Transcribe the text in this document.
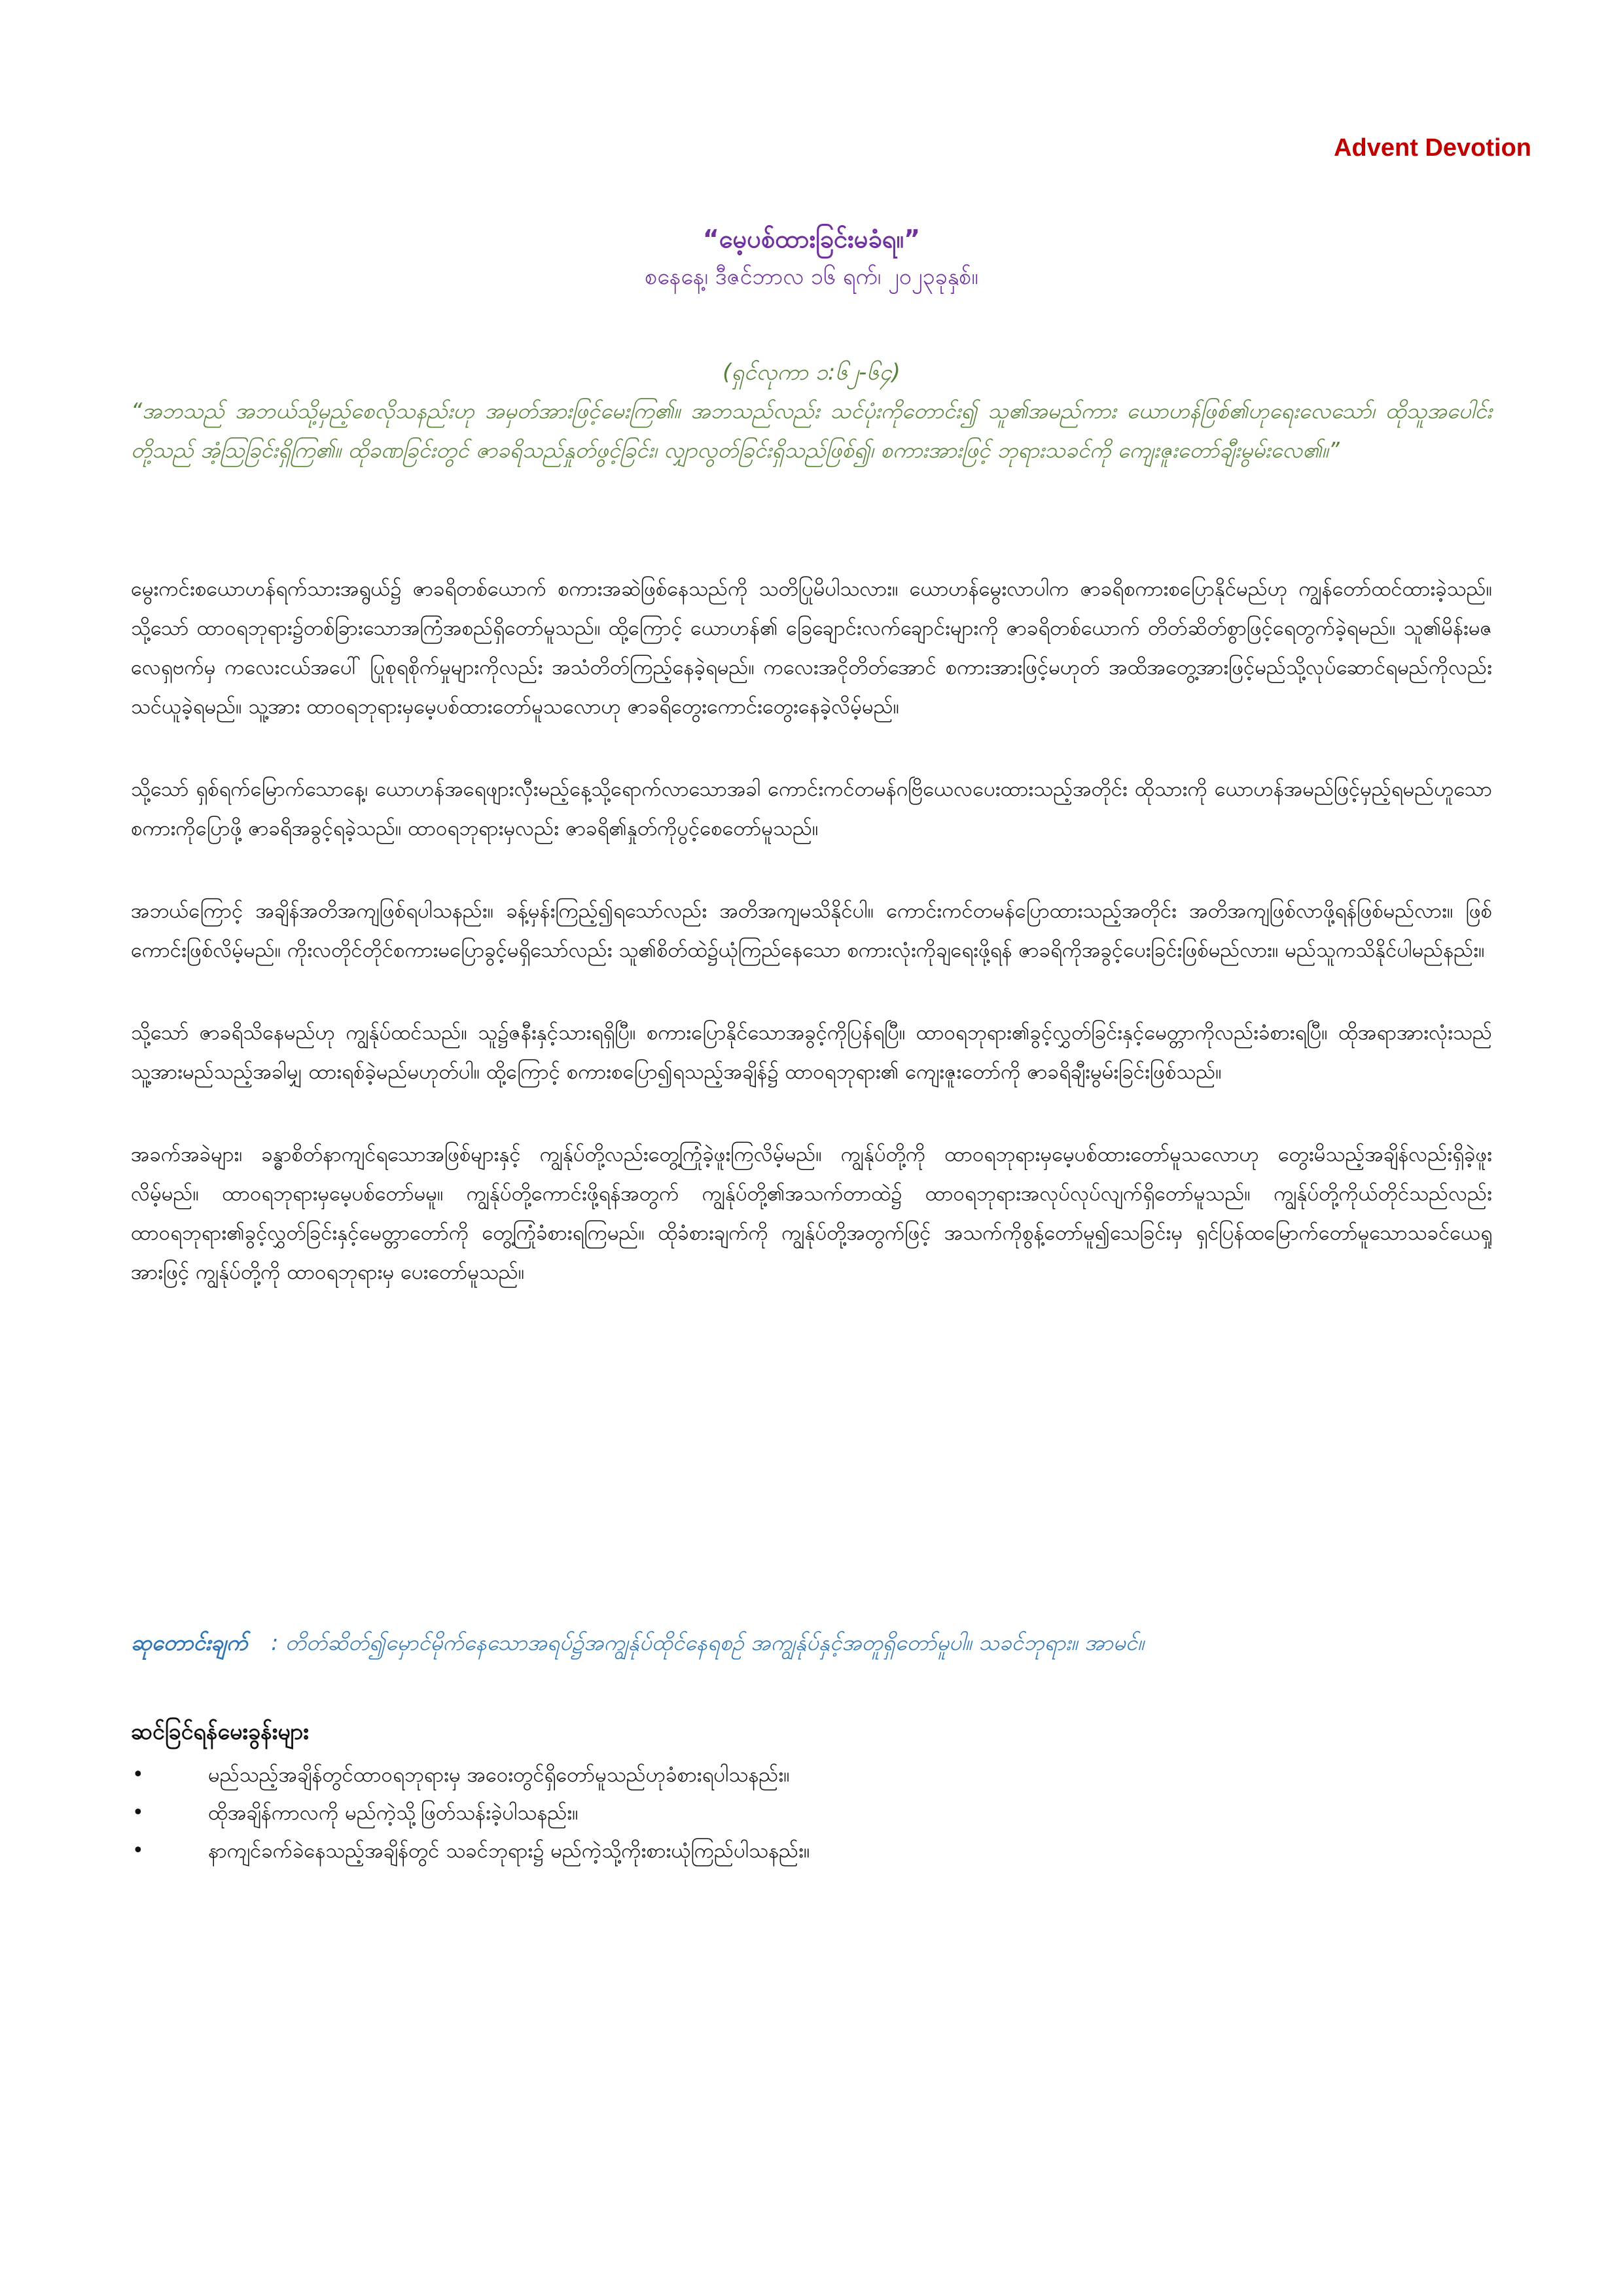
Advent Devotion
“မေ့ပစ်ထားခြင်းမခံရ။”
စနေနေ့၊ ဒီဇင်ဘာလ ၁၆ ရက်၊ ၂၀၂၃ခုနှစ်။
(ရှင်လုကာ ၁:၆၂-၆၄)
“အဘသည် အဘယ်သို့မှည့်စေလိုသနည်းဟု အမှတ်အားဖြင့်မေးကြ၏။ အဘသည်လည်း သင်ပုံးကိုတောင်း၍ သူ၏အမည်ကား ယောဟန်ဖြစ်၏ဟုရေးလေသော်၊ ထိုသူအပေါင်းတို့သည် အံ့ဩခြင်းရှိကြ၏။ ထိုခဏခြင်းတွင် ဇာခရိသည်နှုတ်ဖွင့်ခြင်း၊ လျှာလွတ်ခြင်းရှိသည်ဖြစ်၍၊ စကားအားဖြင့် ဘုရားသခင်ကို ကျေးဇူးတော်ချီးမွမ်းလေ၏။”

မွေးကင်းစယောဟန်ရက်သားအရွယ်၌ ဇာခရိတစ်ယောက် စကားအဆဲဖြစ်နေသည်ကို သတိပြုမိပါသလား။ ယောဟန်မွေးလာပါက ဇာခရိစကားစပြောနိုင်မည်ဟု ကျွန်တော်ထင်ထားခဲ့သည်။ သို့သော် ထာဝရဘုရား၌တစ်ခြားသောအကြံအစည်ရှိတော်မူသည်။ ထို့ကြောင့် ယောဟန်၏ ခြေချောင်းလက်ချောင်းများကို ဇာခရိတစ်ယောက် တိတ်ဆိတ်စွာဖြင့်ရေတွက်ခဲ့ရမည်။ သူ၏မိန်းမဇလေရှဗက်မှ ကလေးငယ်အပေါ် ပြုစုရစိုက်မှုများကိုလည်း အသံတိတ်ကြည့်နေခဲ့ရမည်။ ကလေးအငိုတိတ်အောင် စကားအားဖြင့်မဟုတ် အထိအတွေ့အားဖြင့်မည်သို့လုပ်ဆောင်ရမည်ကိုလည်း သင်ယူခဲ့ရမည်။ သူ့အား ထာဝရဘုရားမှမေ့ပစ်ထားတော်မူသလောဟု ဇာခရိတွေးကောင်းတွေးနေခဲ့လိမ့်မည်။

သို့သော် ရှစ်ရက်မြောက်သောနေ့၊ ယောဟန်အရေဖျားလှီးမည့်နေ့သို့ရောက်လာသောအခါ ကောင်းကင်တမန်ဂဗြိယေလပေးထားသည့်အတိုင်း ထိုသားကို ယောဟန်အမည်ဖြင့်မှည့်ရမည်ဟူသော စကားကိုပြောဖို့ ဇာခရိအခွင့်ရခဲ့သည်။ ထာဝရဘုရားမှလည်း ဇာခရိ၏နှုတ်ကိုပွင့်စေတော်မူသည်။

အဘယ်ကြောင့် အချိန်အတိအကျဖြစ်ရပါသနည်း။ ခန့်မှန်းကြည့်၍ရသော်လည်း အတိအကျမသိနိုင်ပါ။ ကောင်းကင်တမန်ပြောထားသည့်အတိုင်း အတိအကျဖြစ်လာဖို့ရန်ဖြစ်မည်လား။ ဖြစ်ကောင်းဖြစ်လိမ့်မည်။ ကိုးလတိုင်တိုင်စကားမပြောခွင့်မရှိသော်လည်း သူ၏စိတ်ထဲ၌ယုံကြည်နေသော စကားလုံးကိုချရေးဖို့ရန် ဇာခရိကိုအခွင့်ပေးခြင်းဖြစ်မည်လား။ မည်သူကသိနိုင်ပါမည်နည်း။

သို့သော် ဇာခရိသိနေမည်ဟု ကျွန်ုပ်ထင်သည်။ သူ၌ဇနီးနှင့်သားရရှိပြီ။ စကားပြောနိုင်သောအခွင့်ကိုပြန်ရပြီ။ ထာဝရဘုရား၏ခွင့်လွှတ်ခြင်းနှင့်မေတ္တာကိုလည်းခံစားရပြီ။ ထိုအရာအားလုံးသည် သူ့အားမည်သည့်အခါမျှ ထားရစ်ခဲ့မည်မဟုတ်ပါ။ ထို့ကြောင့် စကားစပြော၍ရသည့်အချိန်၌ ထာဝရဘုရား၏ ကျေးဇူးတော်ကို ဇာခရိချီးမွမ်းခြင်းဖြစ်သည်။

အခက်အခဲများ၊ ခန္ဓာစိတ်နာကျင်ရသောအဖြစ်များနှင့် ကျွန်ုပ်တို့လည်းတွေ့ကြုံခဲ့ဖူးကြလိမ့်မည်။ ကျွန်ုပ်တို့ကို ထာဝရဘုရားမှမေ့ပစ်ထားတော်မူသလောဟု တွေးမိသည့်အချိန်လည်းရှိခဲ့ဖူးလိမ့်မည်။ ထာဝရဘုရားမှမေ့ပစ်တော်မမူ။ ကျွန်ုပ်တို့ကောင်းဖို့ရန်အတွက် ကျွန်ုပ်တို့၏အသက်တာထဲ၌ ထာဝရဘုရားအလုပ်လုပ်လျက်ရှိတော်မူသည်။ ကျွန်ုပ်တို့ကိုယ်တိုင်သည်လည်း ထာဝရဘုရား၏ခွင့်လွှတ်ခြင်းနှင့်မေတ္တာတော်ကို တွေ့ကြုံခံစားရကြမည်။ ထိုခံစားချက်ကို ကျွန်ုပ်တို့အတွက်ဖြင့် အသက်ကိုစွန့်တော်မူ၍သေခြင်းမှ ရှင်ပြန်ထမြောက်တော်မူသောသခင်ယေရှုအားဖြင့် ကျွန်ုပ်တို့ကို ထာဝရဘုရားမှ ပေးတော်မူသည်။

ဆုတောင်းချက် : တိတ်ဆိတ်၍မှောင်မိုက်နေသောအရပ်၌အကျွန်ုပ်ထိုင်နေရစဉ် အကျွန်ုပ်နှင့်အတူရှိတော်မူပါ။ သခင်ဘုရား။ အာမင်။
ဆင်ခြင်ရန်မေးခွန်းများ
•	မည်သည့်အချိန်တွင်ထာဝရဘုရားမှ အဝေးတွင်ရှိတော်မူသည်ဟုခံစားရပါသနည်း။
•	ထိုအချိန်ကာလကို မည်ကဲ့သို့ဖြတ်သန်းခဲ့ပါသနည်း။
•	နာကျင်ခက်ခဲနေသည့်အချိန်တွင် သခင်ဘုရား၌ မည်ကဲ့သို့ကိုးစားယုံကြည်ပါသနည်း။
